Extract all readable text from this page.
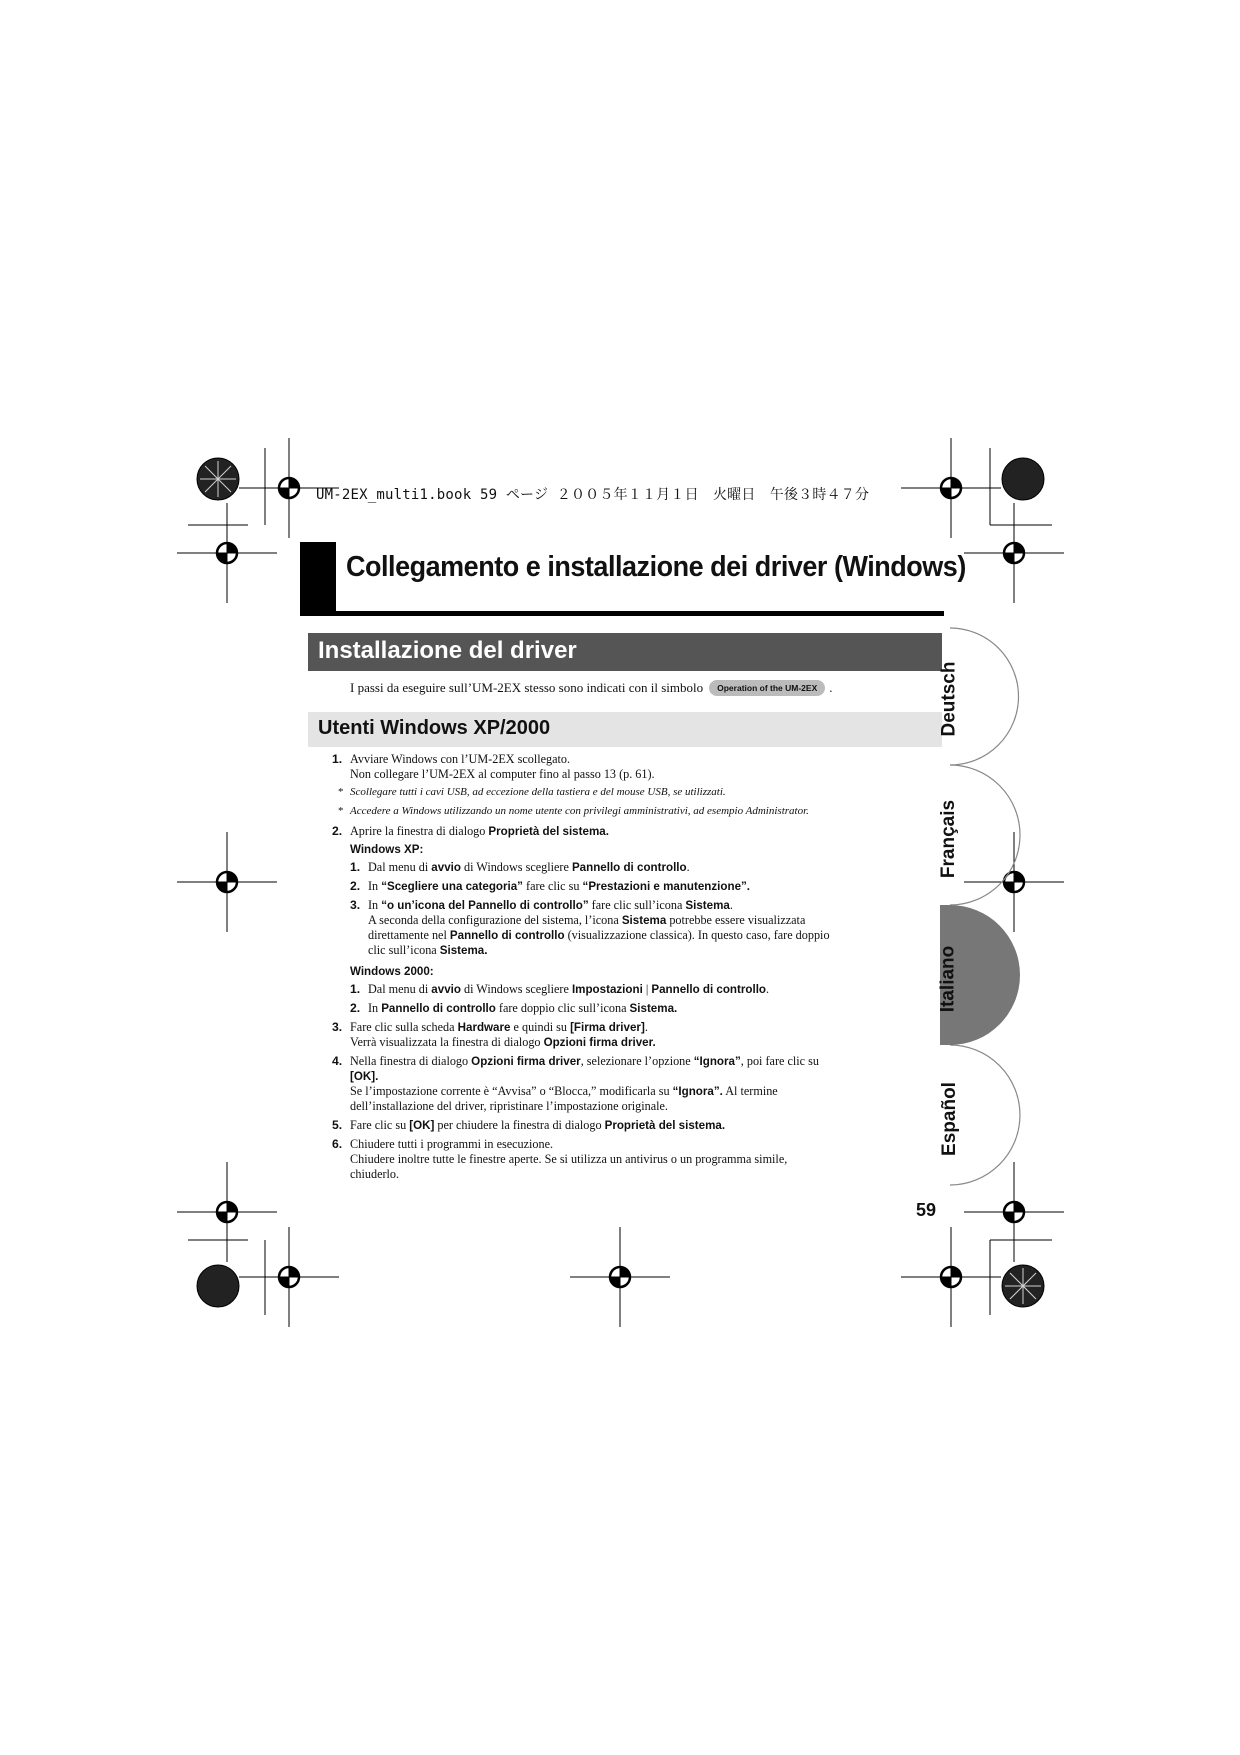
UM-2EX_multi1.book 59 ページ ２００５年１１月１日　火曜日　午後３時４７分
Collegamento e installazione dei driver (Windows)
Installazione del driver
I passi da eseguire sull’UM-2EX stesso sono indicati con il simbolo Operation of the UM-2EX .
Utenti Windows XP/2000
1. Avviare Windows con l’UM-2EX scollegato.
Non collegare l’UM-2EX al computer fino al passo 13 (p. 61).
* Scollegare tutti i cavi USB, ad eccezione della tastiera e del mouse USB, se utilizzati.
* Accedere a Windows utilizzando un nome utente con privilegi amministrativi, ad esempio Administrator.
2. Aprire la finestra di dialogo Proprietà del sistema.
Windows XP:
1. Dal menu di avvio di Windows scegliere Pannello di controllo.
2. In “Scegliere una categoria” fare clic su “Prestazioni e manutenzione”.
3. In “o un’icona del Pannello di controllo” fare clic sull’icona Sistema.
A seconda della configurazione del sistema, l’icona Sistema potrebbe essere visualizzata
direttamente nel Pannello di controllo (visualizzazione classica). In questo caso, fare doppio
clic sull’icona Sistema.
Windows 2000:
1. Dal menu di avvio di Windows scegliere Impostazioni | Pannello di controllo.
2. In Pannello di controllo fare doppio clic sull’icona Sistema.
3. Fare clic sulla scheda Hardware e quindi su [Firma driver].
Verrà visualizzata la finestra di dialogo Opzioni firma driver.
4. Nella finestra di dialogo Opzioni firma driver, selezionare l’opzione “Ignora”, poi fare clic su
[OK].
Se l’impostazione corrente è “Avvisa” o “Blocca,” modificarla su “Ignora”. Al termine
dell’installazione del driver, ripristinare l’impostazione originale.
5. Fare clic su [OK] per chiudere la finestra di dialogo Proprietà del sistema.
6. Chiudere tutti i programmi in esecuzione.
Chiudere inoltre tutte le finestre aperte. Se si utilizza un antivirus o un programma simile,
chiuderlo.
Deutsch
Français
Italiano
Español
59
